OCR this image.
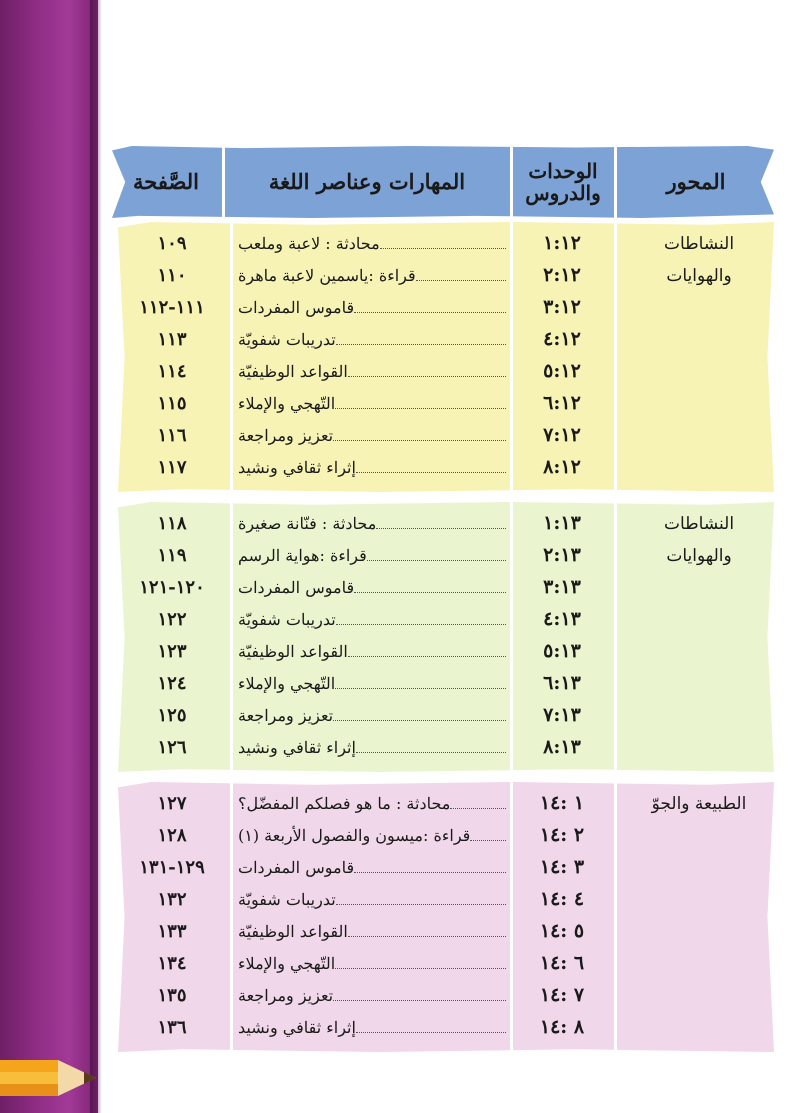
المحور
الوحدات والدروس
المهارات وعناصر اللغة
الصَّفحة
النشاطات
والهوايات
١:١٢
محادثة : لاعبة وملعب
١٠٩
٢:١٢
قراءة :ياسمين لاعبة ماهرة
١١٠
٣:١٢
قاموس المفردات
١١١-١١٢
٤:١٢
تدريبات شفويّة
١١٣
٥:١٢
القواعد الوظيفيّة
١١٤
٦:١٢
التّهجي والإملاء
١١٥
٧:١٢
تعزيز ومراجعة
١١٦
٨:١٢
إثراء ثقافي ونشيد
١١٧
النشاطات
والهوايات
١:١٣
محادثة : فنّانة صغيرة
١١٨
٢:١٣
قراءة :هواية الرسم
١١٩
٣:١٣
قاموس المفردات
١٢٠-١٢١
٤:١٣
تدريبات شفويّة
١٢٢
٥:١٣
القواعد الوظيفيّة
١٢٣
٦:١٣
التّهجي والإملاء
١٢٤
٧:١٣
تعزيز ومراجعة
١٢٥
٨:١٣
إثراء ثقافي ونشيد
١٢٦
الطبيعة والجوّ
١ :١٤
محادثة : ما هو فصلكم المفضّل؟
١٢٧
٢ :١٤
قراءة :ميسون والفصول الأربعة (١)
١٢٨
٣ :١٤
قاموس المفردات
١٢٩-١٣١
٤ :١٤
تدريبات شفويّة
١٣٢
٥ :١٤
القواعد الوظيفيّة
١٣٣
٦ :١٤
التّهجي والإملاء
١٣٤
٧ :١٤
تعزيز ومراجعة
١٣٥
٨ :١٤
إثراء ثقافي ونشيد
١٣٦
